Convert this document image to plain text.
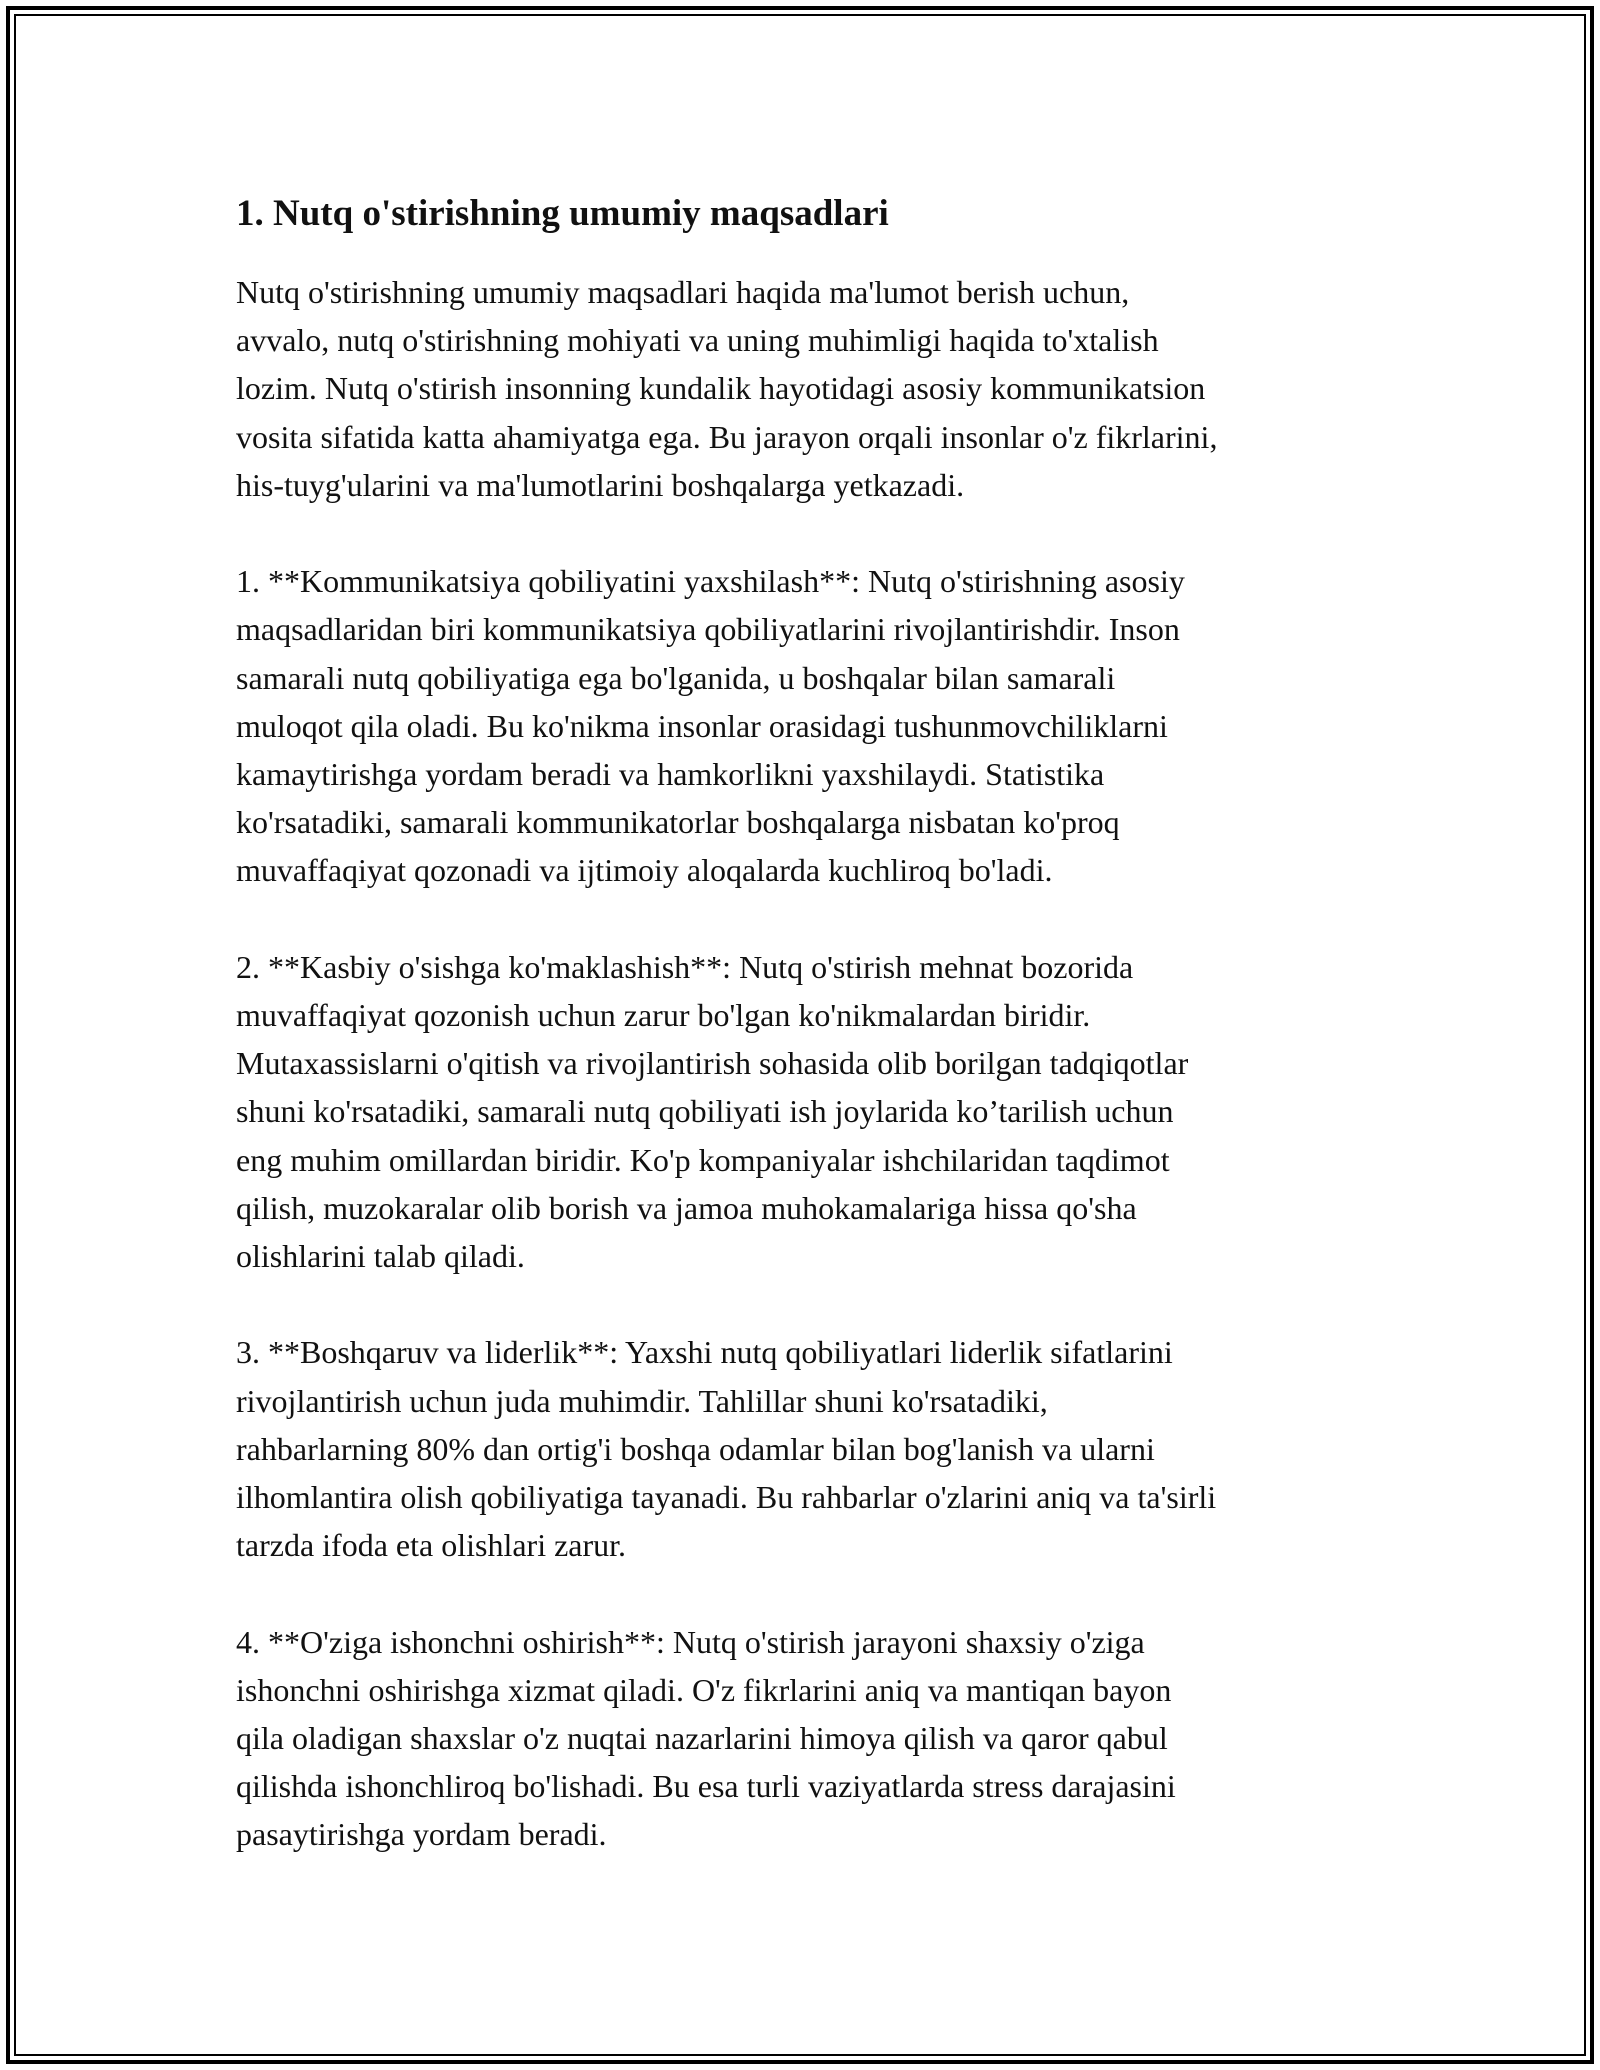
1. Nutq o'stirishning umumiy maqsadlari

Nutq o'stirishning umumiy maqsadlari haqida ma'lumot berish uchun,
avvalo, nutq o'stirishning mohiyati va uning muhimligi haqida to'xtalish
lozim. Nutq o'stirish insonning kundalik hayotidagi asosiy kommunikatsion
vosita sifatida katta ahamiyatga ega. Bu jarayon orqali insonlar o'z fikrlarini,
his-tuyg'ularini va ma'lumotlarini boshqalarga yetkazadi.

1. **Kommunikatsiya qobiliyatini yaxshilash**: Nutq o'stirishning asosiy
maqsadlaridan biri kommunikatsiya qobiliyatlarini rivojlantirishdir. Inson
samarali nutq qobiliyatiga ega bo'lganida, u boshqalar bilan samarali
muloqot qila oladi. Bu ko'nikma insonlar orasidagi tushunmovchiliklarni
kamaytirishga yordam beradi va hamkorlikni yaxshilaydi. Statistika
ko'rsatadiki, samarali kommunikatorlar boshqalarga nisbatan ko'proq
muvaffaqiyat qozonadi va ijtimoiy aloqalarda kuchliroq bo'ladi.

2. **Kasbiy o'sishga ko'maklashish**: Nutq o'stirish mehnat bozorida
muvaffaqiyat qozonish uchun zarur bo'lgan ko'nikmalardan biridir.
Mutaxassislarni o'qitish va rivojlantirish sohasida olib borilgan tadqiqotlar
shuni ko'rsatadiki, samarali nutq qobiliyati ish joylarida ko’tarilish uchun
eng muhim omillardan biridir. Ko'p kompaniyalar ishchilaridan taqdimot
qilish, muzokaralar olib borish va jamoa muhokamalariga hissa qo'sha
olishlarini talab qiladi.

3. **Boshqaruv va liderlik**: Yaxshi nutq qobiliyatlari liderlik sifatlarini
rivojlantirish uchun juda muhimdir. Tahlillar shuni ko'rsatadiki,
rahbarlarning 80% dan ortig'i boshqa odamlar bilan bog'lanish va ularni
ilhomlantira olish qobiliyatiga tayanadi. Bu rahbarlar o'zlarini aniq va ta'sirli
tarzda ifoda eta olishlari zarur.

4. **O'ziga ishonchni oshirish**: Nutq o'stirish jarayoni shaxsiy o'ziga
ishonchni oshirishga xizmat qiladi. O'z fikrlarini aniq va mantiqan bayon
qila oladigan shaxslar o'z nuqtai nazarlarini himoya qilish va qaror qabul
qilishda ishonchliroq bo'lishadi. Bu esa turli vaziyatlarda stress darajasini
pasaytirishga yordam beradi.
